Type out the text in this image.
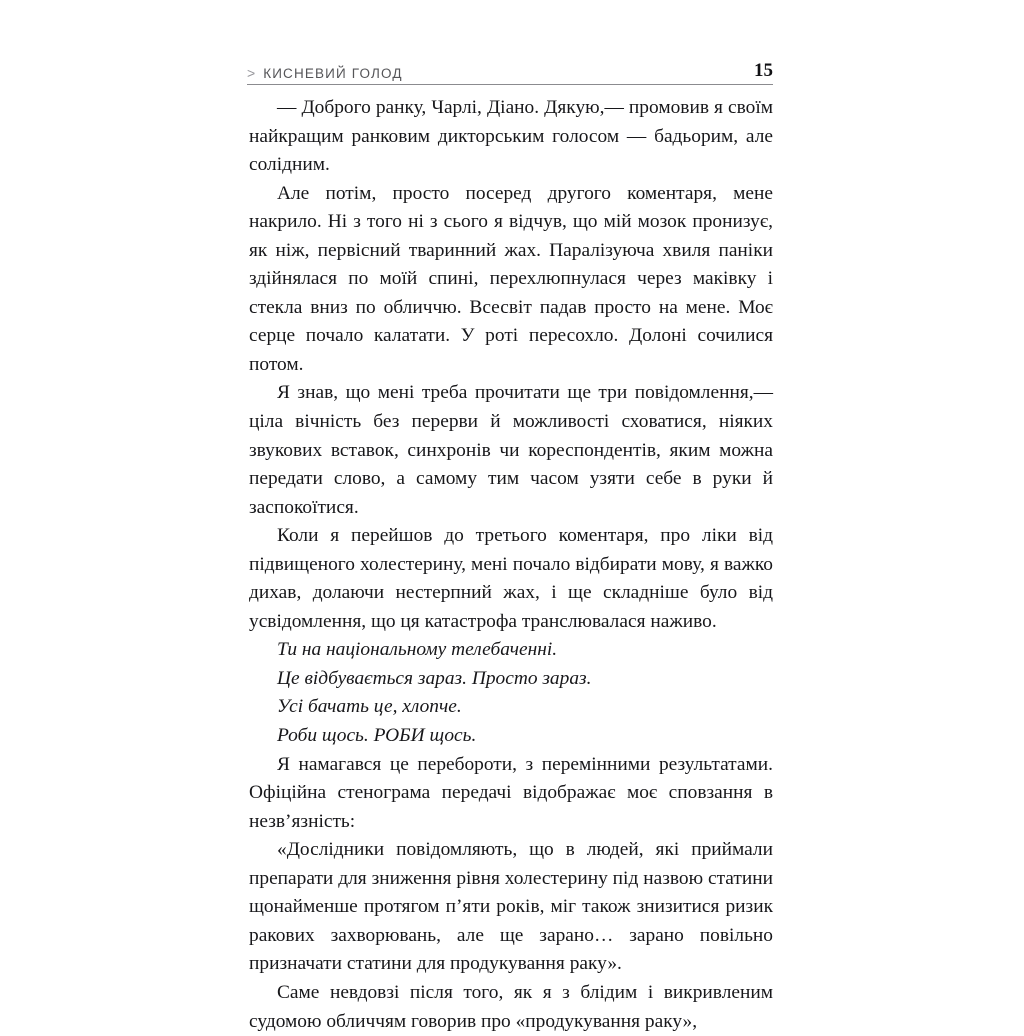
> КИСНЕВИЙ ГОЛОД	15

— Доброго ранку, Чарлі, Діано. Дякую,— промовив я своїм найкращим ранковим дикторським голосом — бадьорим, але солідним.

Але потім, просто посеред другого коментаря, мене накрило. Ні з того ні з сього я відчув, що мій мозок пронизує, як ніж, первісний тваринний жах. Паралізуюча хвиля паніки здійнялася по моїй спині, перехлюпнулася через маківку і стекла вниз по обличчю. Всесвіт падав просто на мене. Моє серце почало калатати. У роті пересохло. Долоні сочилися потом.

Я знав, що мені треба прочитати ще три повідомлення,— ціла вічність без перерви й можливості сховатися, ніяких звукових вставок, синхронів чи кореспондентів, яким можна передати слово, а самому тим часом узяти себе в руки й заспокоїтися.

Коли я перейшов до третього коментаря, про ліки від підвищеного холестерину, мені почало відбирати мову, я важко дихав, долаючи нестерпний жах, і ще складніше було від усвідомлення, що ця катастрофа транслювалася наживо.

Ти на національному телебаченні.
Це відбувається зараз. Просто зараз.
Усі бачать це, хлопче.
Роби щось. РОБИ щось.

Я намагався це перебороти, з перемінними результатами. Офіційна стенограма передачі відображає моє сповзання в незв’язність:

«Дослідники повідомляють, що в людей, які приймали препарати для зниження рівня холестерину під назвою статини щонайменше протягом п’яти років, міг також знизитися ризик ракових захворювань, але ще зарано… зарано повільно призначати статини для продукування раку».

Саме невдовзі після того, як я з блідим і викривленим судомою обличчям говорив про «продукування раку»,
